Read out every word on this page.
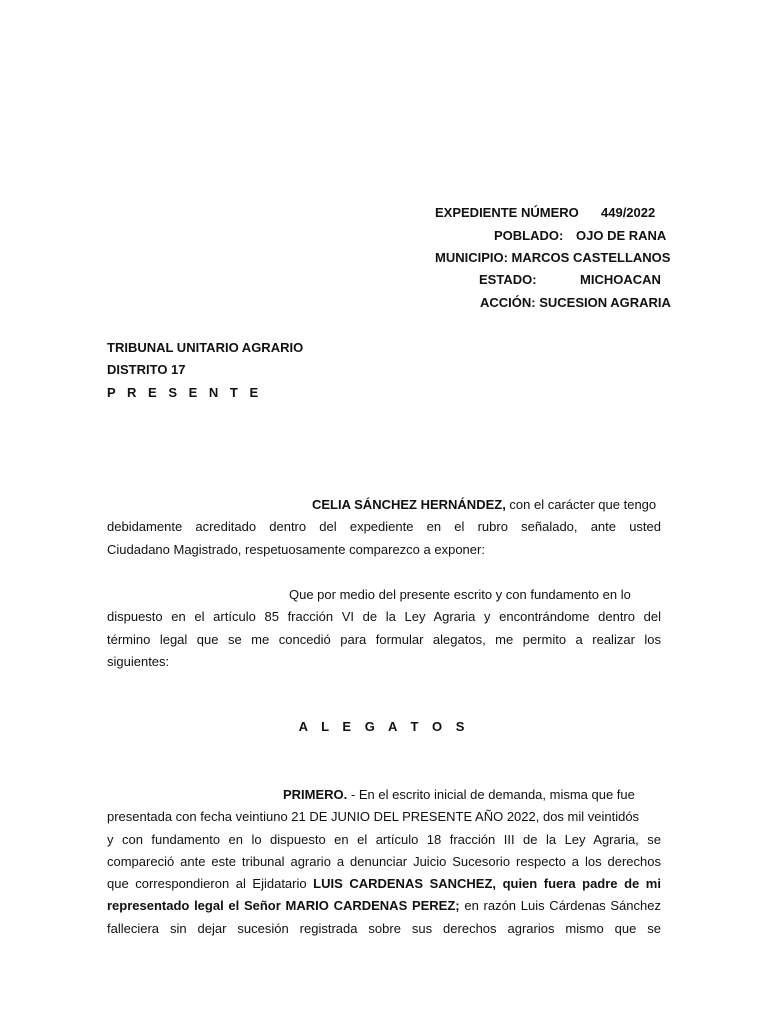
EXPEDIENTE NÚMERO 449/2022
POBLADO: OJO DE RANA
MUNICIPIO: MARCOS CASTELLANOS
ESTADO:	MICHOACAN
ACCIÓN: SUCESION AGRARIA
TRIBUNAL UNITARIO AGRARIO
DISTRITO 17
P R E S E N T E
CELIA SÁNCHEZ HERNÁNDEZ, con el carácter que tengo
debidamente acreditado dentro del expediente en el rubro señalado, ante usted
Ciudadano Magistrado, respetuosamente comparezco a exponer:
Que por medio del presente escrito y con fundamento en lo
dispuesto en el artículo 85 fracción VI de la Ley Agraria y encontrándome dentro del
término legal que se me concedió para formular alegatos, me permito a realizar los
siguientes:
A L E G A T O S
PRIMERO. - En el escrito inicial de demanda, misma que fue
presentada con fecha veintiuno 21 DE JUNIO DEL PRESENTE AÑO 2022, dos mil veintidós
y con fundamento en lo dispuesto en el artículo 18 fracción III de la Ley Agraria, se
compareció ante este tribunal agrario a denunciar Juicio Sucesorio respecto a los derechos
que correspondieron al Ejidatario LUIS CARDENAS SANCHEZ, quien fuera padre de mi
representado legal el Señor MARIO CARDENAS PEREZ; en razón Luis Cárdenas Sánchez
falleciera sin dejar sucesión registrada sobre sus derechos agrarios mismo que se
